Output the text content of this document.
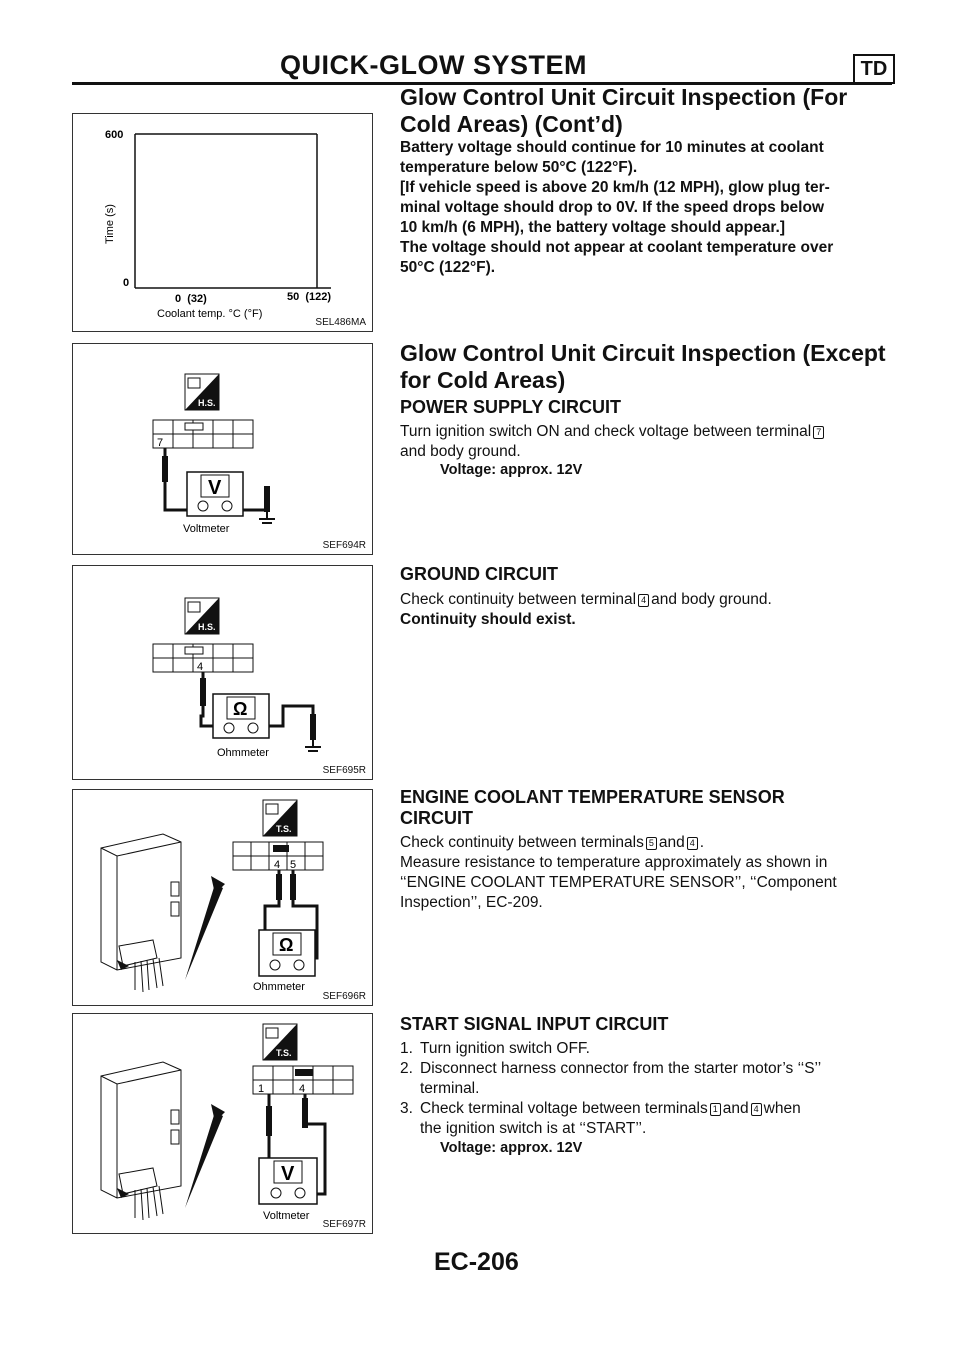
QUICK-GLOW SYSTEM	TD
Glow Control Unit Circuit Inspection (For
Cold Areas) (Cont’d)
Battery voltage should continue for 10 minutes at coolant
temperature below 50°C (122°F).
[If vehicle speed is above 20 km/h (12 MPH), glow plug ter-
minal voltage should drop to 0V. If the speed drops below
10 km/h (6 MPH), the battery voltage should appear.]
The voltage should not appear at coolant temperature over
50°C (122°F).
600
0
Time (s)
0  (32)	50  (122)
Coolant temp. °C (°F)
SEL486MA
Glow Control Unit Circuit Inspection (Except
for Cold Areas)
POWER SUPPLY CIRCUIT
Turn ignition switch ON and check voltage between terminal 7
and body ground.
Voltage: approx. 12V
H.S.
7
V
Voltmeter
SEF694R
GROUND CIRCUIT
Check continuity between terminal 4 and body ground.
Continuity should exist.
H.S.
4
Ω
Ohmmeter
SEF695R
ENGINE COOLANT TEMPERATURE SENSOR
CIRCUIT
Check continuity between terminals 5 and 4 .
Measure resistance to temperature approximately as shown in
‘‘ENGINE COOLANT TEMPERATURE SENSOR’’, ‘‘Component
Inspection’’, EC-209.
T.S.
4 5
Ω
Ohmmeter
SEF696R
START SIGNAL INPUT CIRCUIT
1. Turn ignition switch OFF.
2. Disconnect harness connector from the starter motor’s ‘‘S’’
terminal.
3. Check terminal voltage between terminals 1 and 4 when
the ignition switch is at ‘‘START’’.
Voltage: approx. 12V
T.S.
1	4
V
Voltmeter
SEF697R
EC-206
